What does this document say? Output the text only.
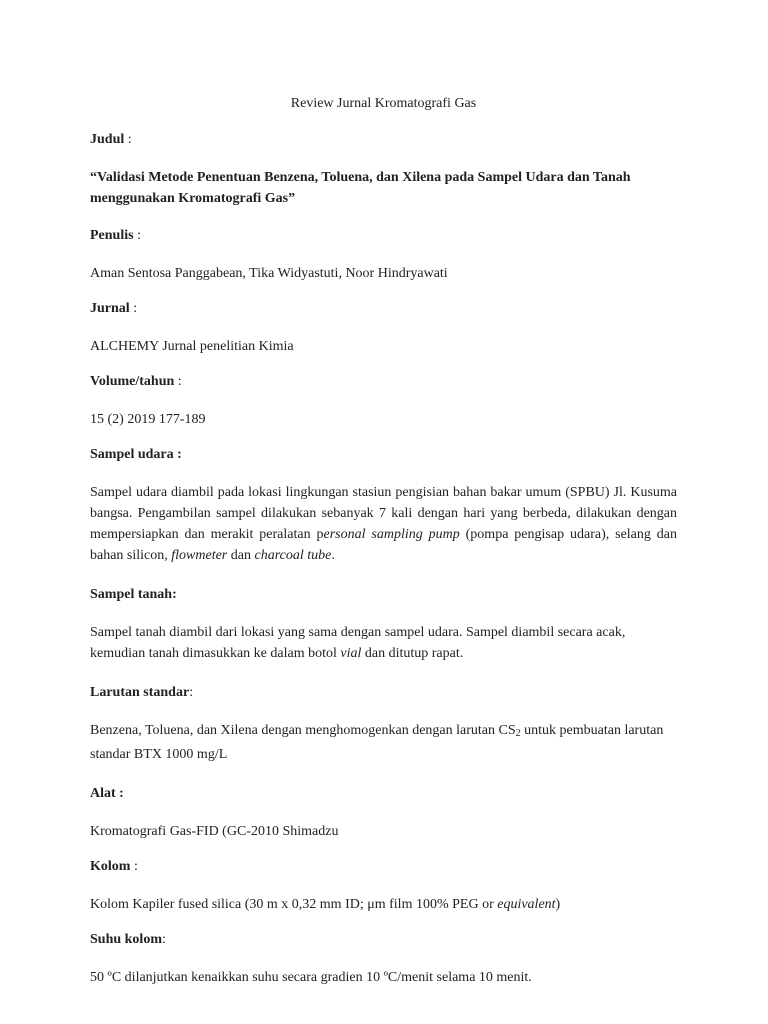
Review Jurnal Kromatografi Gas
Judul :
“Validasi Metode Penentuan Benzena, Toluena, dan Xilena pada Sampel Udara dan Tanah menggunakan Kromatografi Gas”
Penulis :
Aman Sentosa Panggabean, Tika Widyastuti, Noor Hindryawati
Jurnal :
ALCHEMY Jurnal penelitian Kimia
Volume/tahun :
15 (2) 2019 177-189
Sampel udara :
Sampel udara diambil pada lokasi lingkungan stasiun pengisian bahan bakar umum (SPBU) Jl. Kusuma bangsa. Pengambilan sampel dilakukan sebanyak 7 kali dengan hari yang berbeda, dilakukan dengan mempersiapkan dan merakit peralatan personal sampling pump (pompa pengisap udara), selang dan bahan silicon, flowmeter dan charcoal tube.
Sampel tanah:
Sampel tanah diambil dari lokasi yang sama dengan sampel udara. Sampel diambil secara acak, kemudian tanah dimasukkan ke dalam botol vial dan ditutup rapat.
Larutan standar:
Benzena, Toluena, dan Xilena dengan menghomogenkan dengan larutan $CS_2$ untuk pembuatan larutan standar BTX 1000 mg/L
Alat :
Kromatografi Gas-FID (GC-2010 Shimadzu
Kolom :
Kolom Kapiler fused silica (30 m x 0,32 mm ID; μm film 100% PEG or equivalent)
Suhu kolom:
50 ºC dilanjutkan kenaikkan suhu secara gradien 10 ºC/menit selama 10 menit.
